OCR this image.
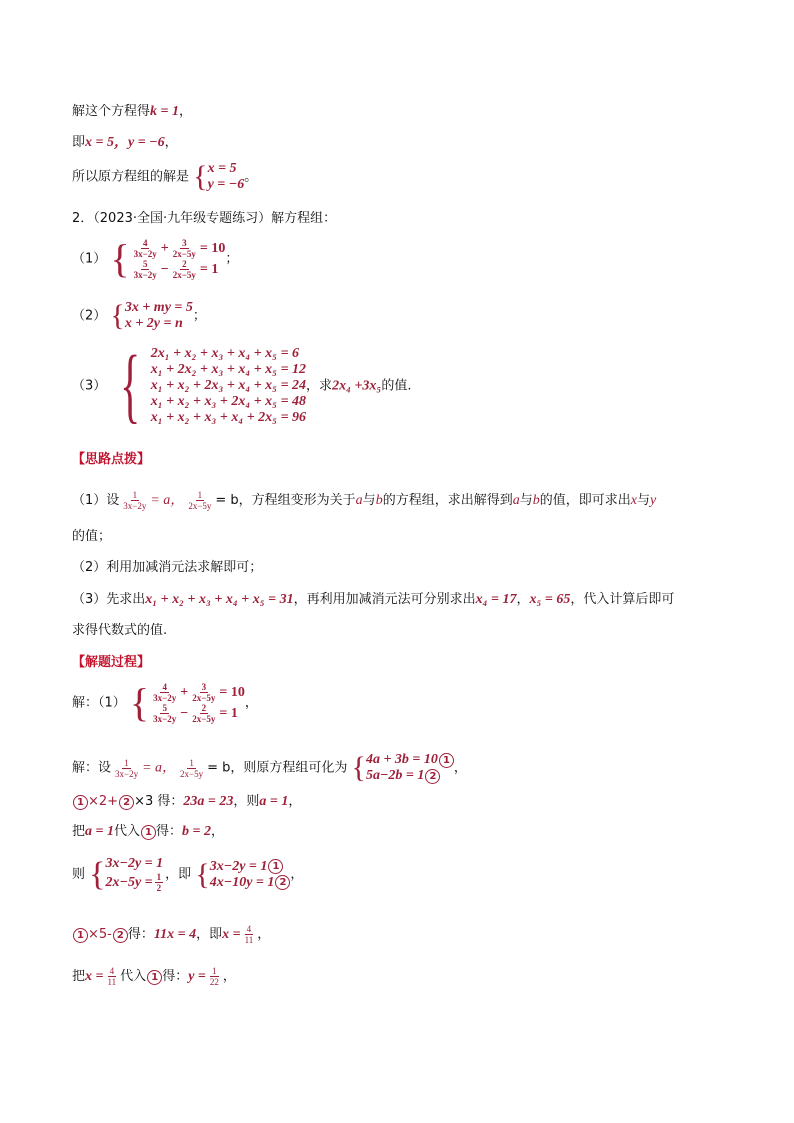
解这个方程得k = 1，
即x = 5，y = −6，
所以原方程组的解是 { x = 5
y = −6 。
2．（2023·全国·九年级专题练习）解方程组：
（1） { $\frac{4}{3x-2y} + \frac{3}{2x-5y} = 10$
$\frac{5}{3x-2y} - \frac{2}{2x-5y} = 1$
；
（2） { 3x + my = 5
x + 2y = n ；
（3） { 2x₁ + x₂ + x₃ + x₄ + x₅ = 6
x₁ + 2x₂ + x₃ + x₄ + x₅ = 12
x₁ + x₂ + 2x₃ + x₄ + x₅ = 24
x₁ + x₂ + x₃ + 2x₄ + x₅ = 48
x₁ + x₂ + x₃ + x₄ + 2x₅ = 96
，求2x₄ +3x₅的值.
【思路点拨】
（1）设 $\frac{1}{3x-2y} = a$， $\frac{1}{2x-5y} = b$，方程组变形为关于a与b的方程组，求出解得到a与b的值，即可求出x与y
的值；
（2）利用加减消元法求解即可；
（3）先求出x₁ + x₂ + x₃ + x₄ + x₅ = 31，再利用加减消元法可分别求出x₄ = 17，x₅ = 65，代入计算后即可
求得代数式的值.
【解题过程】
解：（1） { $\frac{4}{3x-2y} + \frac{3}{2x-5y} = 10$
$\frac{5}{3x-2y} - \frac{2}{2x-5y} = 1$
，
解：设 $\frac{1}{3x-2y} = a$， $\frac{1}{2x-5y} = b$，则原方程组可化为 { 4a + 3b = 10 1
5a−2b = 1 2
，
1 ×2+ 2 ×3 得：23a = 23，则a = 1，
把a = 1代入 1 得：b = 2，
则 { 3x−2y = 1
$2x-5y = \frac{1}{2}$ ，即 { 3x−2y = 1 1
4x−10y = 1 2
，
1 ×5- 2 得：11x = 4，即$x = \frac{4}{11}$ ，
把$x = \frac{4}{11}$ 代入 1 得：$y = \frac{1}{22}$ ，
